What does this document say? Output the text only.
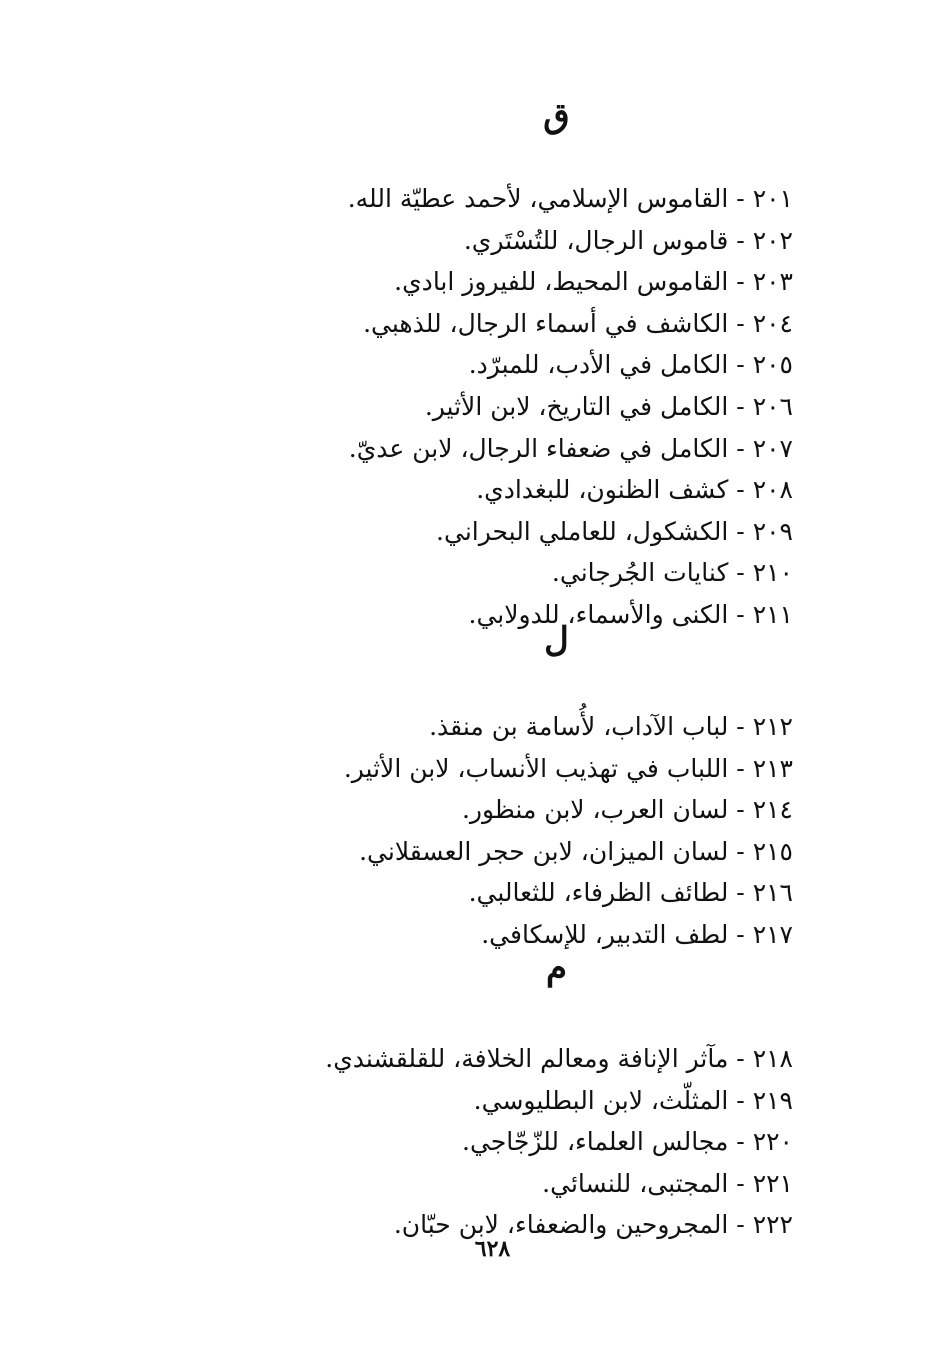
ق
٢٠١ - القاموس الإسلامي، لأحمد عطيّة الله.
٢٠٢ - قاموس الرجال، للتُسْتَري.
٢٠٣ - القاموس المحيط، للفيروز ابادي.
٢٠٤ - الكاشف في أسماء الرجال، للذهبي.
٢٠٥ - الكامل في الأدب، للمبرّد.
٢٠٦ - الكامل في التاريخ، لابن الأثير.
٢٠٧ - الكامل في ضعفاء الرجال، لابن عديّ.
٢٠٨ - كشف الظنون، للبغدادي.
٢٠٩ - الكشكول، للعاملي البحراني.
٢١٠ - كنايات الجُرجاني.
٢١١ - الكنى والأسماء، للدولابي.
ل
٢١٢ - لباب الآداب، لأُسامة بن منقذ.
٢١٣ - اللباب في تهذيب الأنساب، لابن الأثير.
٢١٤ - لسان العرب، لابن منظور.
٢١٥ - لسان الميزان، لابن حجر العسقلاني.
٢١٦ - لطائف الظرفاء، للثعالبي.
٢١٧ - لطف التدبير، للإسكافي.
م
٢١٨ - مآثر الإنافة ومعالم الخلافة، للقلقشندي.
٢١٩ - المثلّث، لابن البطليوسي.
٢٢٠ - مجالس العلماء، للزّجّاجي.
٢٢١ - المجتبى، للنسائي.
٢٢٢ - المجروحين والضعفاء، لابن حبّان.
٦٢٨
